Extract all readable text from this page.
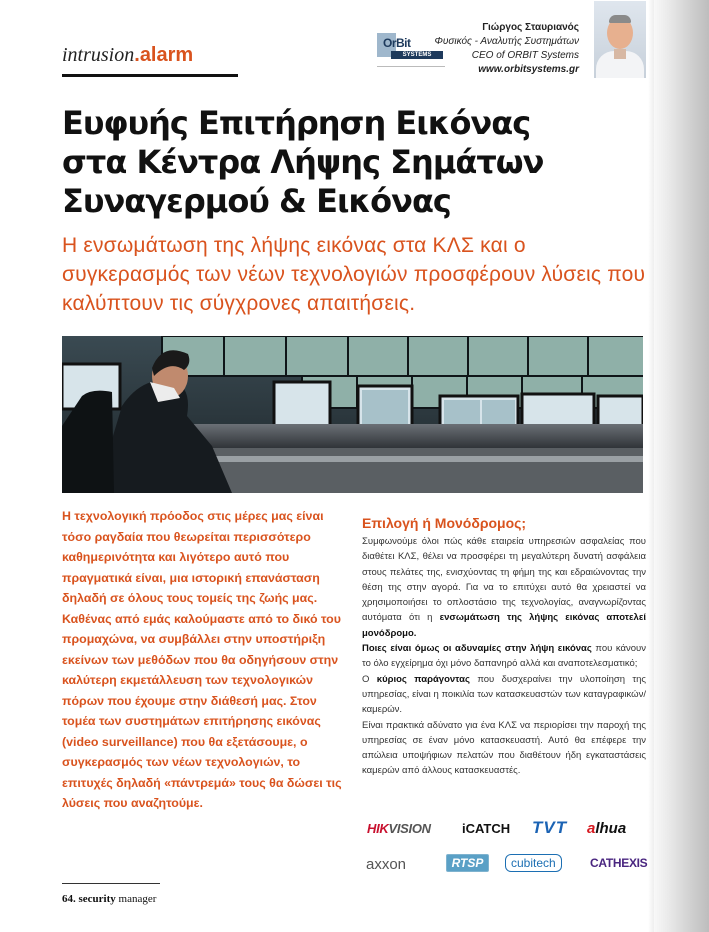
intrusion.alarm
OrBit
SYSTEMS
Γιώργος Σταυριανός
Φυσικός - Αναλυτής Συστημάτων
CEO of ORBIT Systems
www.orbitsystems.gr
Ευφυής Επιτήρηση Εικόνας στα Κέντρα Λήψης Σημάτων Συναγερμού & Εικόνας
Η ενσωμάτωση της λήψης εικόνας στα ΚΛΣ και ο συγκερασμός των νέων τεχνολογιών προσφέρουν λύσεις που καλύπτουν τις σύγχρονες απαιτήσεις.
Η τεχνολογική πρόοδος στις μέρες μας είναι τόσο ραγδαία που θεωρείται περισσότερο καθημερινότητα και λιγότερο αυτό που πραγματικά είναι, μια ιστορική επανάσταση δηλαδή σε όλους τους τομείς της ζωής μας. Καθένας από εμάς καλούμαστε από το δικό του προμαχώνα, να συμβάλλει στην υποστήριξη εκείνων των μεθόδων που θα οδηγήσουν στην καλύτερη εκμετάλλευση των τεχνολογικών πόρων που έχουμε στην διάθεσή μας. Στον τομέα των συστημάτων επιτήρησης εικόνας (video surveillance) που θα εξετάσουμε, ο συγκερασμός των νέων τεχνολογιών, το επιτυχές δηλαδή «πάντρεμά» τους θα δώσει τις λύσεις που αναζητούμε.
Επιλογή ή Μονόδρομος;

Συμφωνούμε όλοι πώς κάθε εταιρεία υπηρεσιών ασφαλείας που διαθέτει ΚΛΣ, θέλει να προσφέρει τη μεγαλύτερη δυνατή ασφάλεια στους πελάτες της, ενισχύοντας τη φήμη της και εδραιώνοντας την θέση της στην αγορά. Για να το επιτύχει αυτό θα χρειαστεί να χρησιμοποιήσει το οπλοστάσιο της τεχνολογίας, αναγνωρίζοντας αυτόματα ότι η ενσωμάτωση της λήψης εικόνας αποτελεί μονόδρομο.

Ποιες είναι όμως οι αδυναμίες στην λήψη εικόνας που κάνουν το όλο εγχείρημα όχι μόνο δαπανηρό αλλά και αναποτελεσματικό;

Ο κύριος παράγοντας που δυσχεραίνει την υλοποίηση της υπηρεσίας, είναι η ποικιλία των κατασκευαστών των καταγραφικών/καμερών.

Είναι πρακτικά αδύνατο για ένα ΚΛΣ να περιορίσει την παροχή της υπηρεσίας σε έναν μόνο κατασκευαστή. Αυτό θα επέφερε την απώλεια υποψήφιων πελατών που διαθέτουν ήδη εγκαταστάσεις καμερών από άλλους κατασκευαστές.

HIKVISION iCATCH TVT alhua
axxon	RTSP	cubitech	CATHEXIS
64. security manager
